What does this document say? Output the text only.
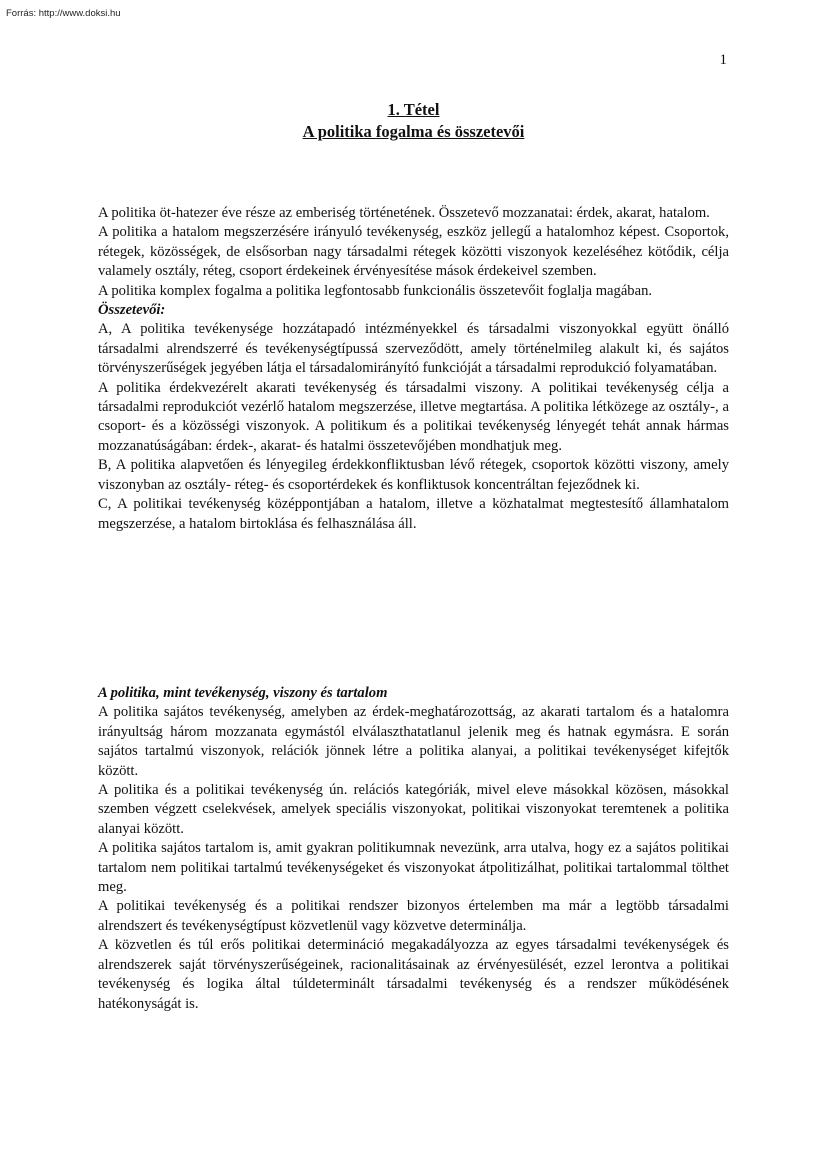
Forrás: http://www.doksi.hu
1
1. Tétel
A politika fogalma és összetevői

A politika öt-hatezer éve része az emberiség történetének. Összetevő mozzanatai: érdek, akarat, hatalom.

A politika a hatalom megszerzésére irányuló tevékenység, eszköz jellegű a hatalomhoz képest. Csoportok, rétegek, közösségek, de elsősorban nagy társadalmi rétegek közötti viszonyok kezeléséhez kötődik, célja valamely osztály, réteg, csoport érdekeinek érvényesítése mások érdekeivel szemben.

A politika komplex fogalma a politika legfontosabb funkcionális összetevőit foglalja magában.

Összetevői:

A, A politika tevékenysége hozzátapadó intézményekkel és társadalmi viszonyokkal együtt önálló társadalmi alrendszerré és tevékenységtípussá szerveződött, amely történelmileg alakult ki, és sajátos törvényszerűségek jegyében látja el társadalomirányító funkcióját a társadalmi reprodukció folyamatában.

A politika érdekvezérelt akarati tevékenység és társadalmi viszony. A politikai tevékenység célja a társadalmi reprodukciót vezérlő hatalom megszerzése, illetve megtartása. A politika létközege az osztály-, a csoport- és a közösségi viszonyok. A politikum és a politikai tevékenység lényegét tehát annak hármas mozzanatúságában: érdek-, akarat- és hatalmi összetevőjében mondhatjuk meg.

B, A politika alapvetően és lényegileg érdekkonfliktusban lévő rétegek, csoportok közötti viszony, amely viszonyban az osztály- réteg- és csoportérdekek és konfliktusok koncentráltan fejeződnek ki.

C, A politikai tevékenység középpontjában a hatalom, illetve a közhatalmat megtestesítő államhatalom megszerzése, a hatalom birtoklása és felhasználása áll.

A politika, mint tevékenység, viszony és tartalom

A politika sajátos tevékenység, amelyben az érdek-meghatározottság, az akarati tartalom és a hatalomra irányultság három mozzanata egymástól elválaszthatatlanul jelenik meg és hatnak egymásra. E során sajátos tartalmú viszonyok, relációk jönnek létre a politika alanyai, a politikai tevékenységet kifejtők között.

A politika és a politikai tevékenység ún. relációs kategóriák, mivel eleve másokkal közösen, másokkal szemben végzett cselekvések, amelyek speciális viszonyokat, politikai viszonyokat teremtenek a politika alanyai között.

A politika sajátos tartalom is, amit gyakran politikumnak nevezünk, arra utalva, hogy ez a sajátos politikai tartalom nem politikai tartalmú tevékenységeket és viszonyokat átpolitizálhat, politikai tartalommal tölthet meg.

A politikai tevékenység és a politikai rendszer bizonyos értelemben ma már a legtöbb társadalmi alrendszert és tevékenységtípust közvetlenül vagy közvetve determinálja.

A közvetlen és túl erős politikai determináció megakadályozza az egyes társadalmi tevékenységek és alrendszerek saját törvényszerűségeinek, racionalitásainak az érvényesülését, ezzel lerontva a politikai tevékenység és logika által túldeterminált társadalmi tevékenység és a rendszer működésének hatékonyságát is.
